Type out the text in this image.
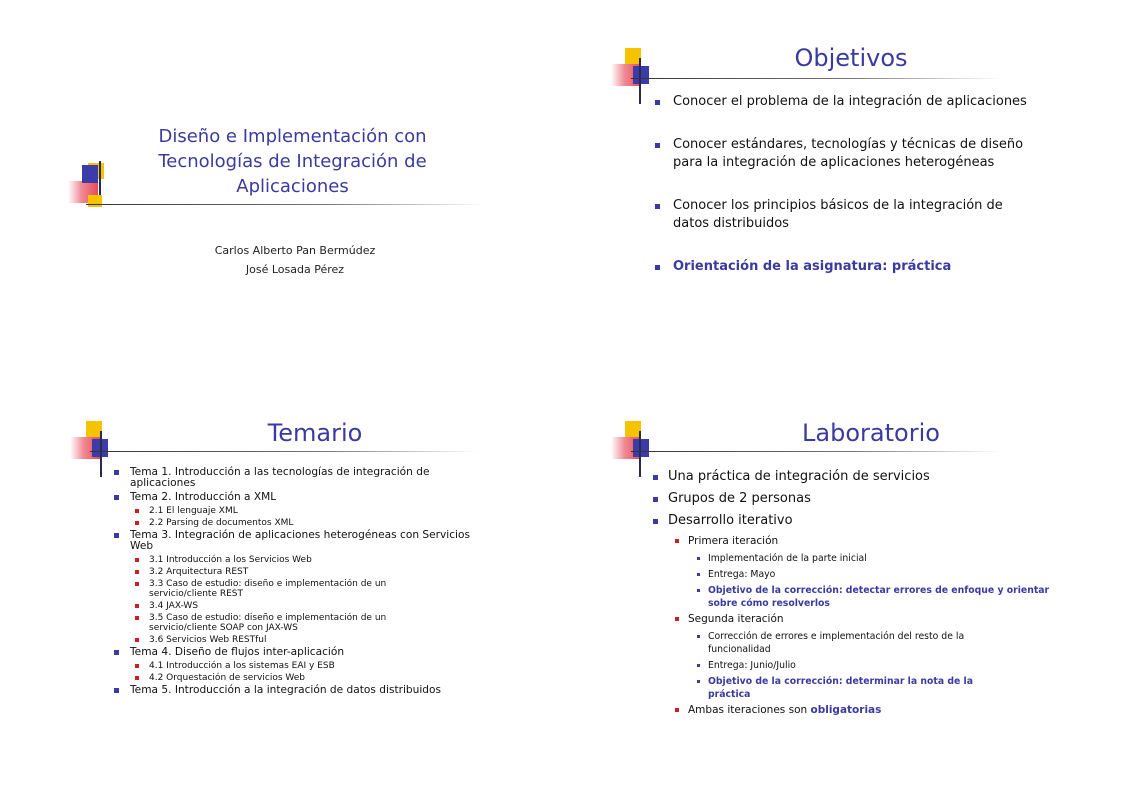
Diseño e Implementación con
Tecnologías de Integración de
Aplicaciones
Carlos Alberto Pan Bermúdez
José Losada Pérez
Objetivos
Conocer el problema de la integración de aplicaciones
Conocer estándares, tecnologías y técnicas de diseño para la integración de aplicaciones heterogéneas
Conocer los principios básicos de la integración de datos distribuidos
Orientación de la asignatura: práctica
Temario
Tema 1. Introducción a las tecnologías de integración de aplicaciones
Tema 2. Introducción a XML
2.1 El lenguaje XML
2.2 Parsing de documentos XML
Tema 3. Integración de aplicaciones heterogéneas con Servicios Web
3.1 Introducción a los Servicios Web
3.2 Arquitectura REST
3.3 Caso de estudio: diseño e implementación de un servicio/cliente REST
3.4 JAX-WS
3.5 Caso de estudio: diseño e implementación de un servicio/cliente SOAP con JAX-WS
3.6 Servicios Web RESTful
Tema 4. Diseño de flujos inter-aplicación
4.1 Introducción a los sistemas EAI y ESB
4.2 Orquestación de servicios Web
Tema 5. Introducción a la integración de datos distribuidos
Laboratorio
Una práctica de integración de servicios
Grupos de 2 personas
Desarrollo iterativo
Primera iteración
Implementación de la parte inicial
Entrega: Mayo
Objetivo de la corrección: detectar errores de enfoque y orientar sobre cómo resolverlos
Segunda iteración
Corrección de errores e implementación del resto de la funcionalidad
Entrega: Junio/Julio
Objetivo de la corrección: determinar la nota de la práctica
Ambas iteraciones son obligatorias
